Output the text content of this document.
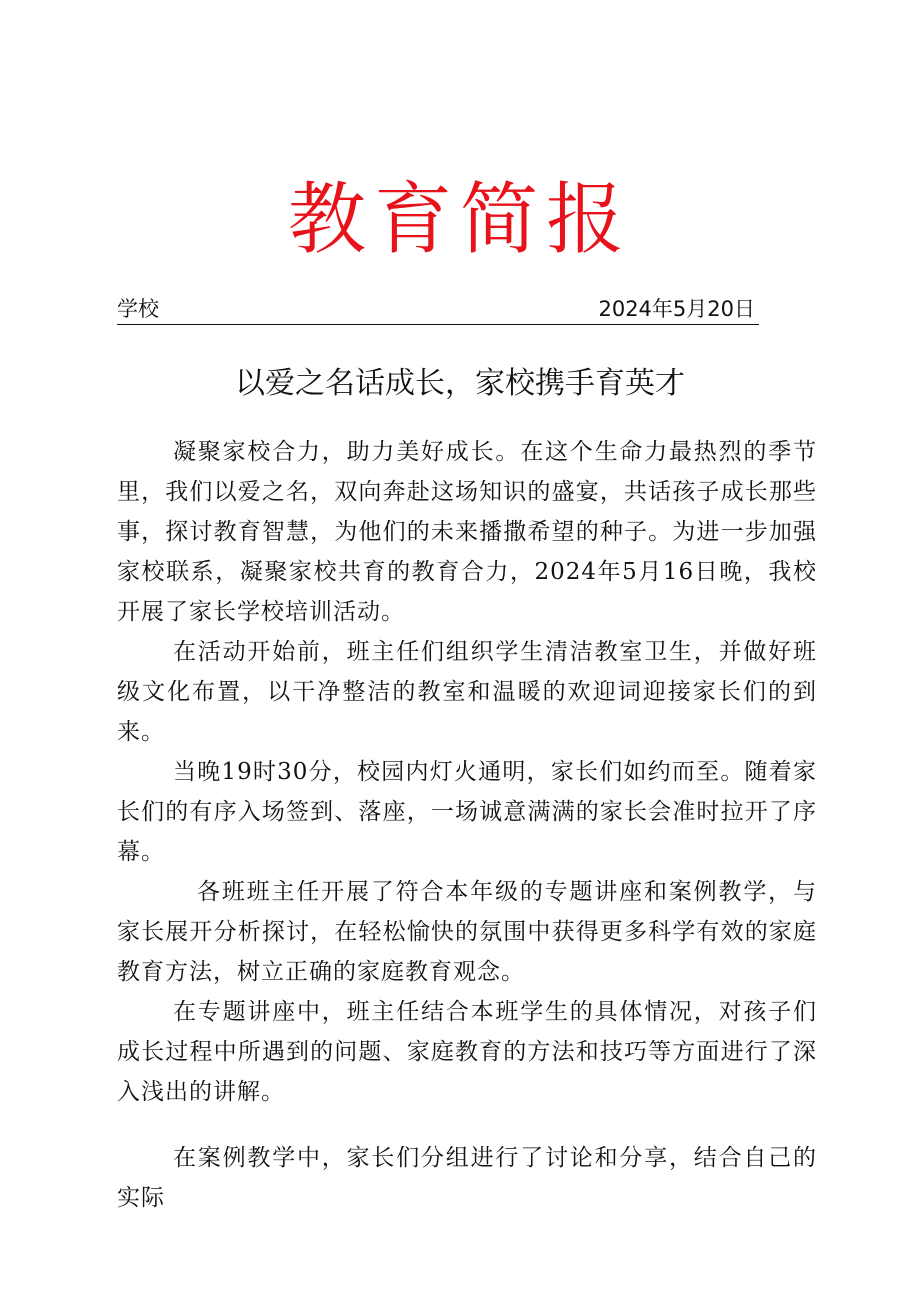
教育简报
学校	2024年5月20日
以爱之名话成长，家校携手育英才

凝聚家校合力，助力美好成长。在这个生命力最热烈的季节里，我们以爱之名，双向奔赴这场知识的盛宴，共话孩子成长那些事，探讨教育智慧，为他们的未来播撒希望的种子。为进一步加强家校联系，凝聚家校共育的教育合力，2024年5月16日晚，我校开展了家长学校培训活动。

在活动开始前，班主任们组织学生清洁教室卫生，并做好班级文化布置，以干净整洁的教室和温暖的欢迎词迎接家长们的到来。

当晚19时30分，校园内灯火通明，家长们如约而至。随着家长们的有序入场签到、落座，一场诚意满满的家长会准时拉开了序幕。

各班班主任开展了符合本年级的专题讲座和案例教学，与家长展开分析探讨，在轻松愉快的氛围中获得更多科学有效的家庭教育方法，树立正确的家庭教育观念。

在专题讲座中，班主任结合本班学生的具体情况，对孩子们成长过程中所遇到的问题、家庭教育的方法和技巧等方面进行了深入浅出的讲解。

在案例教学中，家长们分组进行了讨论和分享，结合自己的实际
